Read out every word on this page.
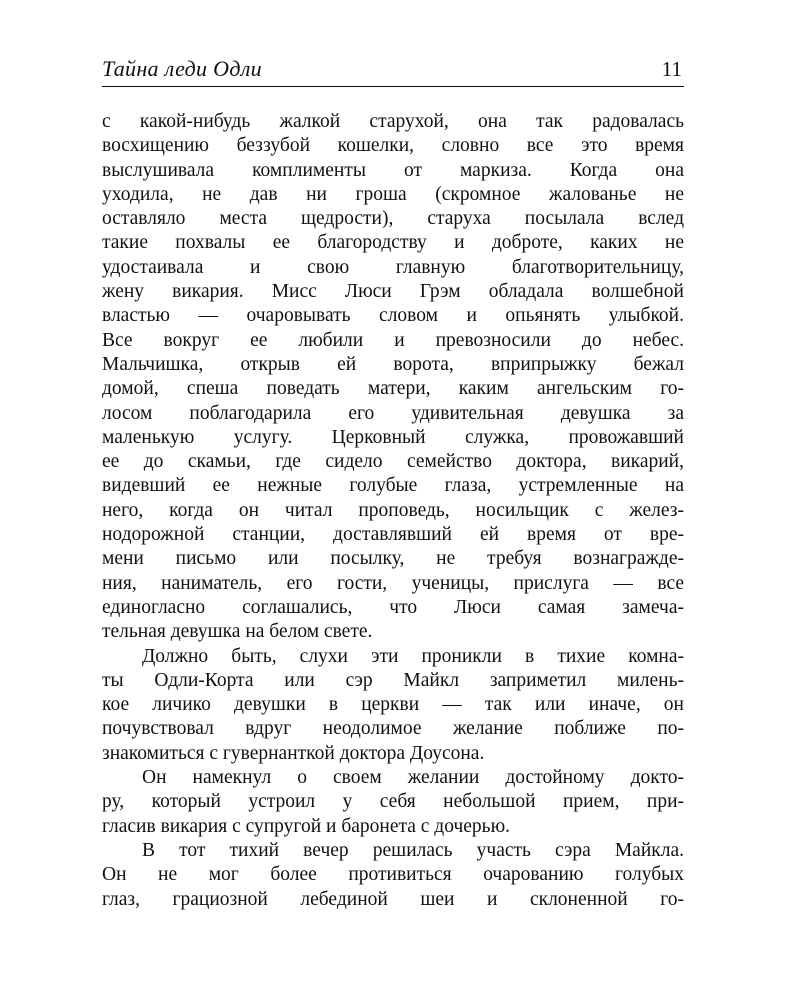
Тайна леди Одли	11
с какой-нибудь жалкой старухой, она так радовалась
восхищению беззубой кошелки, словно все это время
выслушивала комплименты от маркиза. Когда она
уходила, не дав ни гроша (скромное жалованье не
оставляло места щедрости), старуха посылала вслед
такие похвалы ее благородству и доброте, каких не
удостаивала и свою главную благотворительницу,
жену викария. Мисс Люси Грэм обладала волшебной
властью — очаровывать словом и опьянять улыбкой.
Все вокруг ее любили и превозносили до небес.
Мальчишка, открыв ей ворота, вприпрыжку бежал
домой, спеша поведать матери, каким ангельским го-
лосом поблагодарила его удивительная девушка за
маленькую услугу. Церковный служка, провожавший
ее до скамьи, где сидело семейство доктора, викарий,
видевший ее нежные голубые глаза, устремленные на
него, когда он читал проповедь, носильщик с желез-
нодорожной станции, доставлявший ей время от вре-
мени письмо или посылку, не требуя вознагражде-
ния, наниматель, его гости, ученицы, прислуга — все
единогласно соглашались, что Люси самая замеча-
тельная девушка на белом свете.
Должно быть, слухи эти проникли в тихие комна-
ты Одли-Корта или сэр Майкл заприметил милень-
кое личико девушки в церкви — так или иначе, он
почувствовал вдруг неодолимое желание поближе по-
знакомиться с гувернанткой доктора Доусона.
Он намекнул о своем желании достойному докто-
ру, который устроил у себя небольшой прием, при-
гласив викария с супругой и баронета с дочерью.
В тот тихий вечер решилась участь сэра Майкла.
Он не мог более противиться очарованию голубых
глаз, грациозной лебединой шеи и склоненной го-
